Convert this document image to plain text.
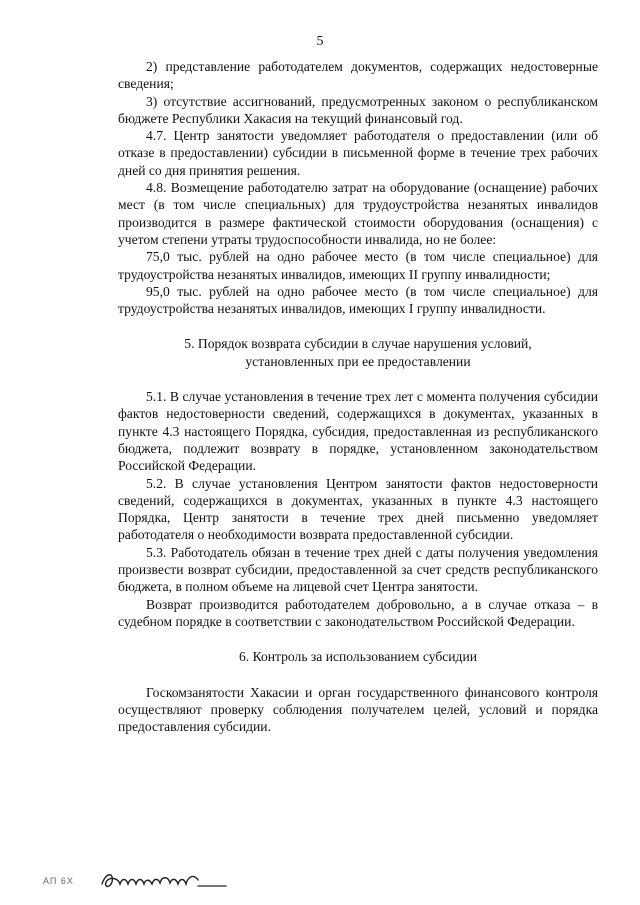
5

2) представление работодателем документов, содержащих недостоверные сведения;

3) отсутствие ассигнований, предусмотренных законом о республиканском бюджете Республики Хакасия на текущий финансовый год.

4.7. Центр занятости уведомляет работодателя о предоставлении (или об отказе в предоставлении) субсидии в письменной форме в течение трех рабочих дней со дня принятия решения.

4.8. Возмещение работодателю затрат на оборудование (оснащение) рабочих мест (в том числе специальных) для трудоустройства незанятых инвалидов производится в размере фактической стоимости оборудования (оснащения) с учетом степени утраты трудоспособности инвалида, но не более:

75,0 тыс. рублей на одно рабочее место (в том числе специальное) для трудоустройства незанятых инвалидов, имеющих II группу инвалидности;

95,0 тыс. рублей на одно рабочее место (в том числе специальное) для трудоустройства незанятых инвалидов, имеющих I группу инвалидности.

5. Порядок возврата субсидии в случае нарушения условий,

установленных при ее предоставлении

5.1. В случае установления в течение трех лет с момента получения субсидии фактов недостоверности сведений, содержащихся в документах, указанных в пункте 4.3 настоящего Порядка, субсидия, предоставленная из республиканского бюджета, подлежит возврату в порядке, установленном законодательством Российской Федерации.

5.2. В случае установления Центром занятости фактов недостоверности сведений, содержащихся в документах, указанных в пункте 4.3 настоящего Порядка, Центр занятости в течение трех дней письменно уведомляет работодателя о необходимости возврата предоставленной субсидии.

5.3. Работодатель обязан в течение трех дней с даты получения уведомления произвести возврат субсидии, предоставленной за счет средств республиканского бюджета, в полном объеме на лицевой счет Центра занятости.

Возврат производится работодателем добровольно, а в случае отказа – в судебном порядке в соответствии с законодательством Российской Федерации.

6. Контроль за использованием субсидии

Госкомзанятости Хакасии и орган государственного финансового контроля осуществляют проверку соблюдения получателем целей, условий и порядка предоставления субсидии.

АП 6Х
